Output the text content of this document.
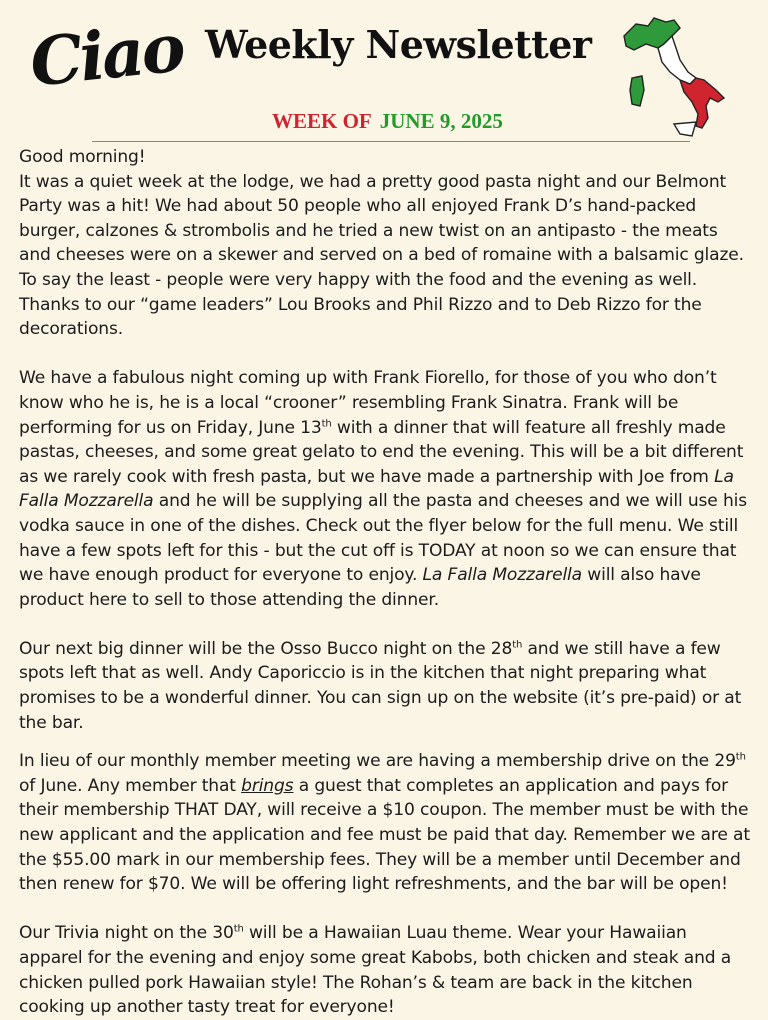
Ciao Weekly Newsletter
WEEK OF JUNE 9, 2025

Good morning!

It was a quiet week at the lodge, we had a pretty good pasta night and our Belmont Party was a hit! We had about 50 people who all enjoyed Frank D’s hand-packed burger, calzones & strombolis and he tried a new twist on an antipasto - the meats and cheeses were on a skewer and served on a bed of romaine with a balsamic glaze. To say the least - people were very happy with the food and the evening as well. Thanks to our “game leaders” Lou Brooks and Phil Rizzo and to Deb Rizzo for the decorations.

We have a fabulous night coming up with Frank Fiorello, for those of you who don’t know who he is, he is a local “crooner” resembling Frank Sinatra. Frank will be performing for us on Friday, June 13th with a dinner that will feature all freshly made pastas, cheeses, and some great gelato to end the evening. This will be a bit different as we rarely cook with fresh pasta, but we have made a partnership with Joe from La Falla Mozzarella and he will be supplying all the pasta and cheeses and we will use his vodka sauce in one of the dishes. Check out the flyer below for the full menu. We still have a few spots left for this - but the cut off is TODAY at noon so we can ensure that we have enough product for everyone to enjoy. La Falla Mozzarella will also have product here to sell to those attending the dinner.

Our next big dinner will be the Osso Bucco night on the 28th and we still have a few spots left that as well. Andy Caporiccio is in the kitchen that night preparing what promises to be a wonderful dinner. You can sign up on the website (it’s pre-paid) or at the bar.

In lieu of our monthly member meeting we are having a membership drive on the 29th of June. Any member that brings a guest that completes an application and pays for their membership THAT DAY, will receive a $10 coupon. The member must be with the new applicant and the application and fee must be paid that day. Remember we are at the $55.00 mark in our membership fees. They will be a member until December and then renew for $70. We will be offering light refreshments, and the bar will be open!

Our Trivia night on the 30th will be a Hawaiian Luau theme. Wear your Hawaiian apparel for the evening and enjoy some great Kabobs, both chicken and steak and a chicken pulled pork Hawaiian style! The Rohan’s & team are back in the kitchen cooking up another tasty treat for everyone!
